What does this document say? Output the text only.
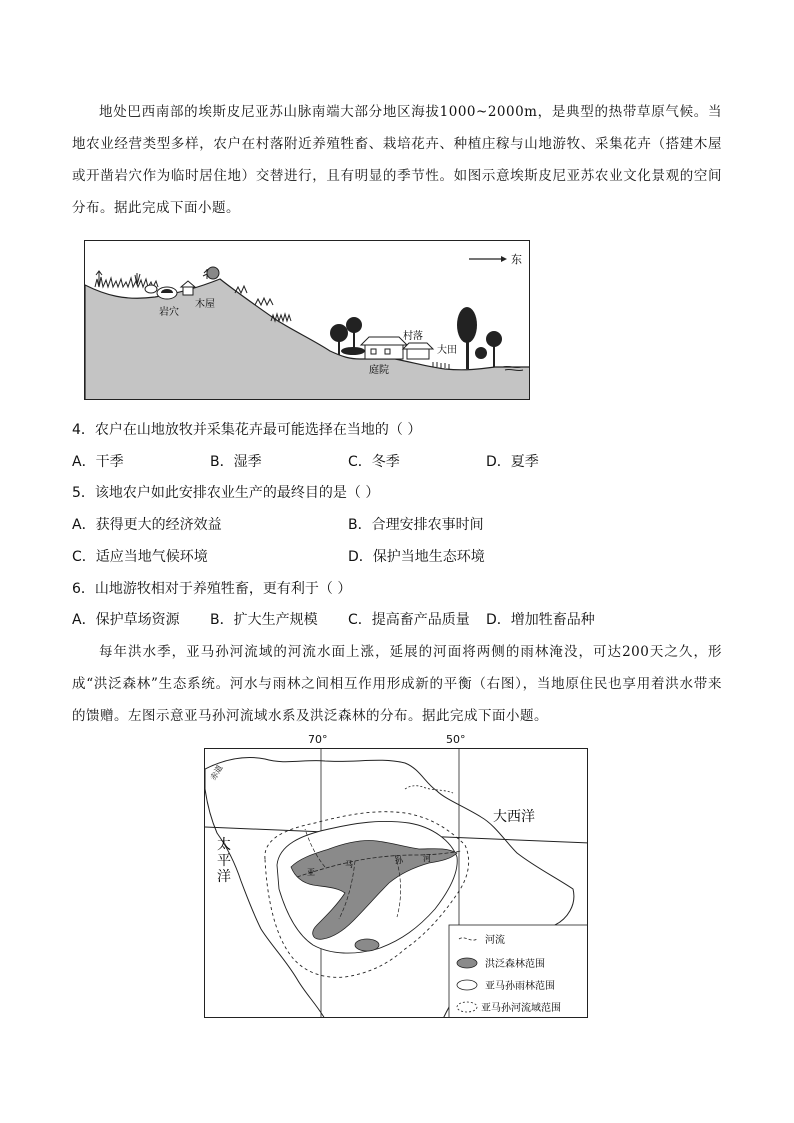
地处巴西南部的埃斯皮尼亚苏山脉南端大部分地区海拔1000~2000m，是典型的热带草原气候。当地农业经营类型多样，农户在村落附近养殖牲畜、栽培花卉、种植庄稼与山地游牧、采集花卉（搭建木屋或开凿岩穴作为临时居住地）交替进行，且有明显的季节性。如图示意埃斯皮尼亚苏农业文化景观的空间分布。据此完成下面小题。

东
岩穴
木屋
村落
大田
庭院
4．农户在山地放牧并采集花卉最可能选择在当地的（ ）
A．干季	B．湿季	C．冬季	D．夏季
5．该地农户如此安排农业生产的最终目的是（ ）
A．获得更大的经济效益	B．合理安排农事时间
C．适应当地气候环境	D．保护当地生态环境
6．山地游牧相对于养殖牲畜，更有利于（ ）
A．保护草场资源 B．扩大生产规模 C．提高畜产品质量 D．增加牲畜品种

每年洪水季，亚马孙河流域的河流水面上涨，延展的河面将两侧的雨林淹没，可达200天之久，形成“洪泛森林”生态系统。河水与雨林之间相互作用形成新的平衡（右图），当地原住民也享用着洪水带来的馈赠。左图示意亚马孙河流域水系及洪泛森林的分布。据此完成下面小题。

70°	50°
赤道
大西洋
太
平
洋	亚
马	孙	河
河流
洪泛森林范围
亚马孙雨林范围
亚马孙河流域范围
